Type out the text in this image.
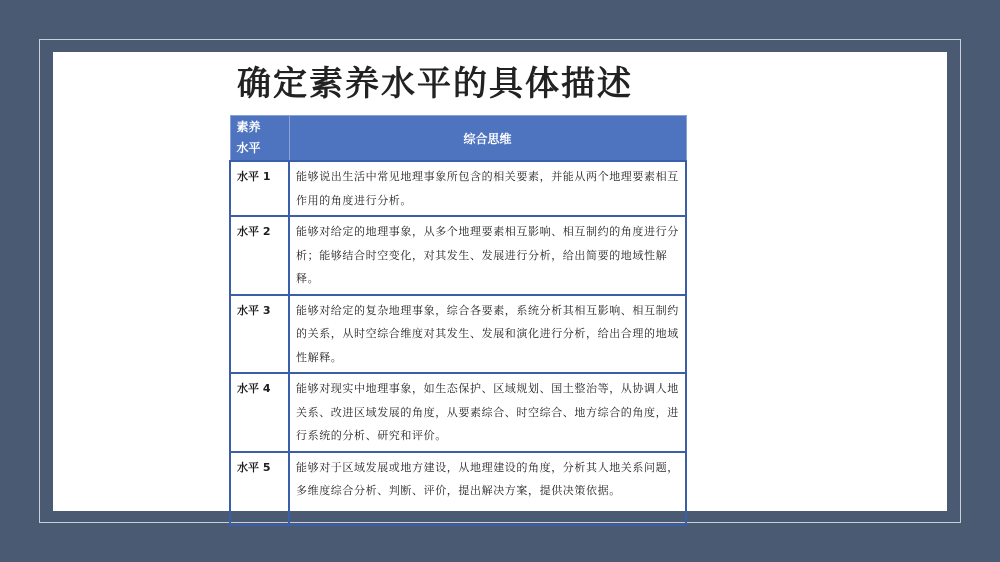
确定素养水平的具体描述
素养
水平	综合思维
水平 1	能够说出生活中常见地理事象所包含的相关要素，并能从两个地理要素相互作用的角度进行分析。
水平 2	能够对给定的地理事象，从多个地理要素相互影响、相互制约的角度进行分析；能够结合时空变化，对其发生、发展进行分析，给出简要的地域性解释。
水平 3	能够对给定的复杂地理事象，综合各要素，系统分析其相互影响、相互制约的关系，从时空综合维度对其发生、发展和演化进行分析，给出合理的地域性解释。
水平 4	能够对现实中地理事象，如生态保护、区域规划、国土整治等，从协调人地关系、改进区域发展的角度，从要素综合、时空综合、地方综合的角度，进行系统的分析、研究和评价。
水平 5	能够对于区域发展或地方建设，从地理建设的角度，分析其人地关系问题，多维度综合分析、判断、评价，提出解决方案，提供决策依据。
